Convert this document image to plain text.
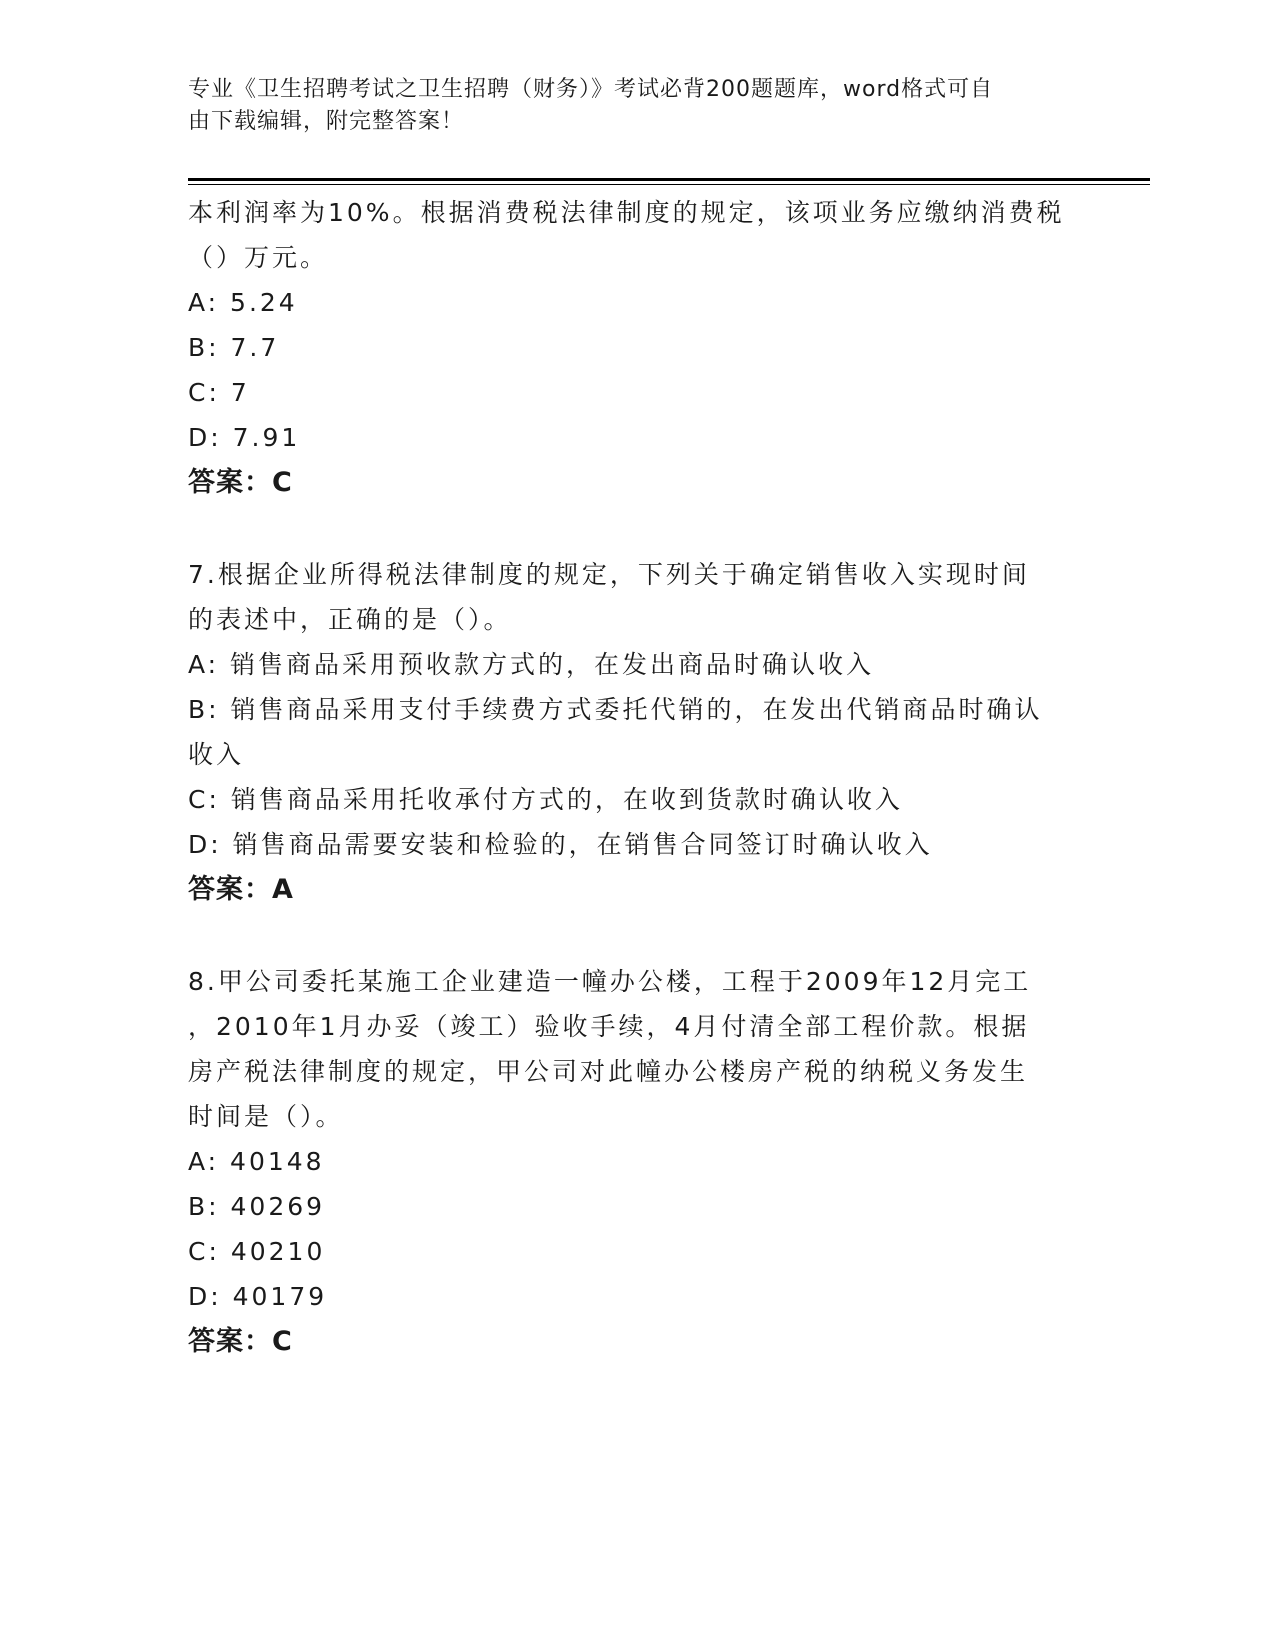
专业《卫生招聘考试之卫生招聘（财务）》考试必背200题题库，word格式可自
由下载编辑，附完整答案！
本利润率为10%。根据消费税法律制度的规定，该项业务应缴纳消费税
（）万元。
A: 5.24
B: 7.7
C: 7
D: 7.91
答案：C
7.根据企业所得税法律制度的规定，下列关于确定销售收入实现时间
的表述中，正确的是（）。
A: 销售商品采用预收款方式的，在发出商品时确认收入
B: 销售商品采用支付手续费方式委托代销的，在发出代销商品时确认
收入
C: 销售商品采用托收承付方式的，在收到货款时确认收入
D: 销售商品需要安装和检验的，在销售合同签订时确认收入
答案：A
8.甲公司委托某施工企业建造一幢办公楼，工程于2009年12月完工
，2010年1月办妥（竣工）验收手续，4月付清全部工程价款。根据
房产税法律制度的规定，甲公司对此幢办公楼房产税的纳税义务发生
时间是（）。
A: 40148
B: 40269
C: 40210
D: 40179
答案：C
